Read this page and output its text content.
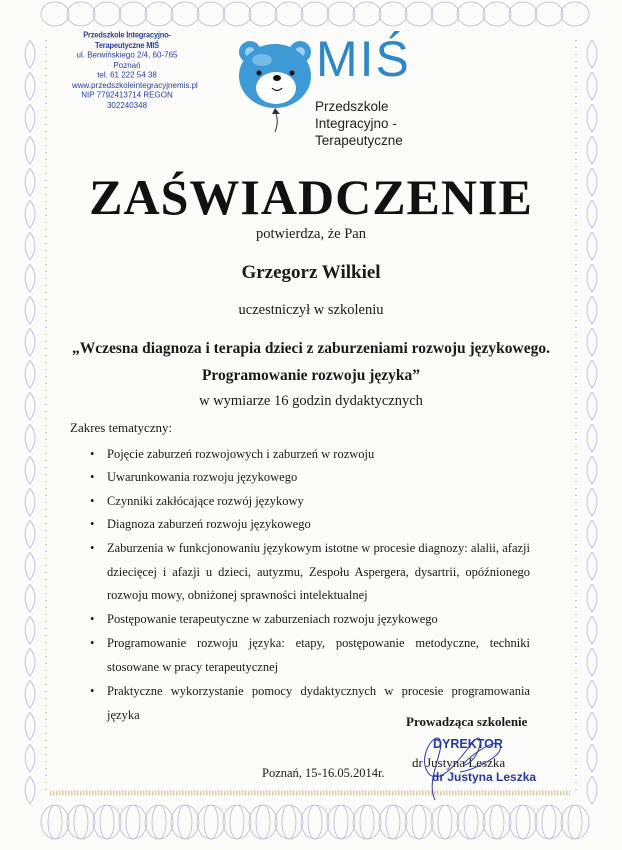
Przedszkole Integracyjno-Terapeutyczne MIŚ
ul. Berwińskiego 2/4, 60-765 Poznań
tel. 61 222 54 38
www.przedszkoleintegracyjnemis.pl
NIP 7792413714 REGON 302240348
MIŚ
Przedszkole
Integracyjno -
Terapeutyczne
ZAŚWIADCZENIE
potwierdza, że Pan
Grzegorz Wilkiel
uczestniczył w szkoleniu
„Wczesna diagnoza i terapia dzieci z zaburzeniami rozwoju językowego.
Programowanie rozwoju języka”
w wymiarze 16 godzin dydaktycznych
Zakres tematyczny:
• Pojęcie zaburzeń rozwojowych i zaburzeń w rozwoju
• Uwarunkowania rozwoju językowego
• Czynniki zakłócające rozwój językowy
• Diagnoza zaburzeń rozwoju językowego
• Zaburzenia w funkcjonowaniu językowym istotne w procesie diagnozy: alalii, afazji dziecięcej i afazji u dzieci, autyzmu, Zespołu Aspergera, dysartrii, opóźnionego rozwoju mowy, obniżonej sprawności intelektualnej
• Postępowanie terapeutyczne w zaburzeniach rozwoju językowego
• Programowanie rozwoju języka: etapy, postępowanie metodyczne, techniki stosowane w pracy terapeutycznej
• Praktyczne wykorzystanie pomocy dydaktycznych w procesie programowania języka
Poznań, 15-16.05.2014r.
Prowadząca szkolenie
DYREKTOR
dr Justyna Leszka
dr Justyna Leszka
